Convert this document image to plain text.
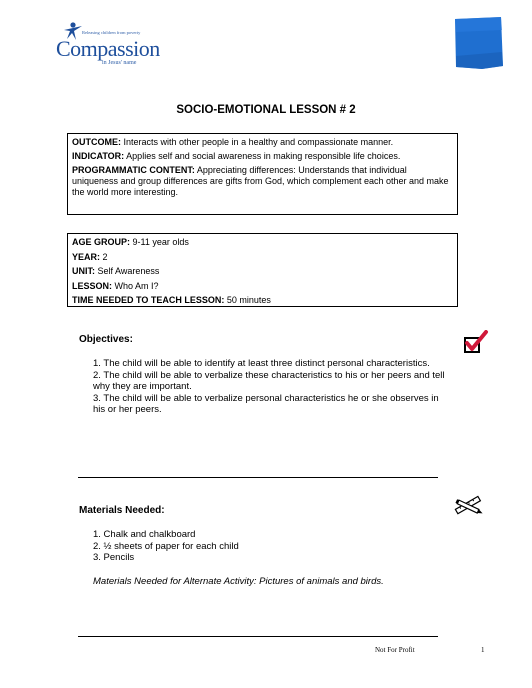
Releasing children from poverty
Compassion
in Jesus' name
SOCIO-EMOTIONAL LESSON # 2

OUTCOME: Interacts with other people in a healthy and compassionate manner.

INDICATOR: Applies self and social awareness in making responsible life choices.

PROGRAMMATIC CONTENT: Appreciating differences: Understands that individual uniqueness and group differences are gifts from God, which complement each other and make the world more interesting.

AGE GROUP: 9-11 year olds
YEAR: 2
UNIT: Self Awareness
LESSON: Who Am I?
TIME NEEDED TO TEACH LESSON: 50 minutes
Objectives:
1. The child will be able to identify at least three distinct personal characteristics.
2. The child will be able to verbalize these characteristics to his or her peers and tell why they are important.
3. The child will be able to verbalize personal characteristics he or she observes in his or her peers.
Materials Needed:
1. Chalk and chalkboard
2. ½ sheets of paper for each child
3. Pencils
Materials Needed for Alternate Activity: Pictures of animals and birds.
Not For Profit	1
